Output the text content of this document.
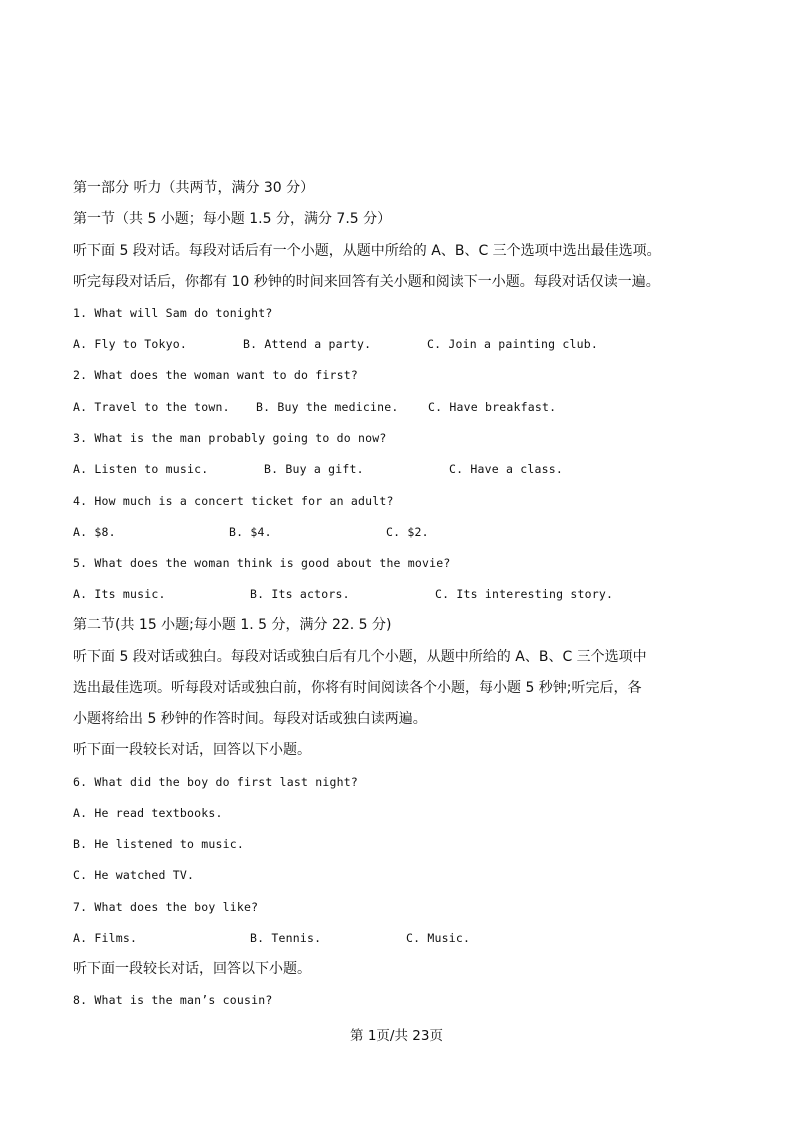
第一部分 听力（共两节，满分 30 分）
第一节（共 5 小题；每小题 1.5 分，满分 7.5 分）
听下面 5 段对话。每段对话后有一个小题，从题中所给的 A、B、C 三个选项中选出最佳选项。
听完每段对话后，你都有 10 秒钟的时间来回答有关小题和阅读下一小题。每段对话仅读一遍。
1. What will Sam do tonight?
A. Fly to Tokyo.	B. Attend a party.	C. Join a painting club.
2. What does the woman want to do first?
A. Travel to the town. B. Buy the medicine.	C. Have breakfast.
3. What is the man probably going to do now?
A. Listen to music.	B. Buy a gift.	C. Have a class.
4. How much is a concert ticket for an adult?
A. $8.	B. $4.	C. $2.
5. What does the woman think is good about the movie?
A. Its music.	B. Its actors.	C. Its interesting story.
第二节(共 15 小题;每小题 1. 5 分，满分 22. 5 分)
听下面 5 段对话或独白。每段对话或独白后有几个小题，从题中所给的 A、B、C 三个选项中
选出最佳选项。听每段对话或独白前，你将有时间阅读各个小题，每小题 5 秒钟;听完后，各
小题将给出 5 秒钟的作答时间。每段对话或独白读两遍。
听下面一段较长对话，回答以下小题。
6. What did the boy do first last night?
A. He read textbooks.
B. He listened to music.
C. He watched TV.
7. What does the boy like?
A. Films.	B. Tennis.	C. Music.
听下面一段较长对话，回答以下小题。
8. What is the man’s cousin?
第 1页/共 23页
